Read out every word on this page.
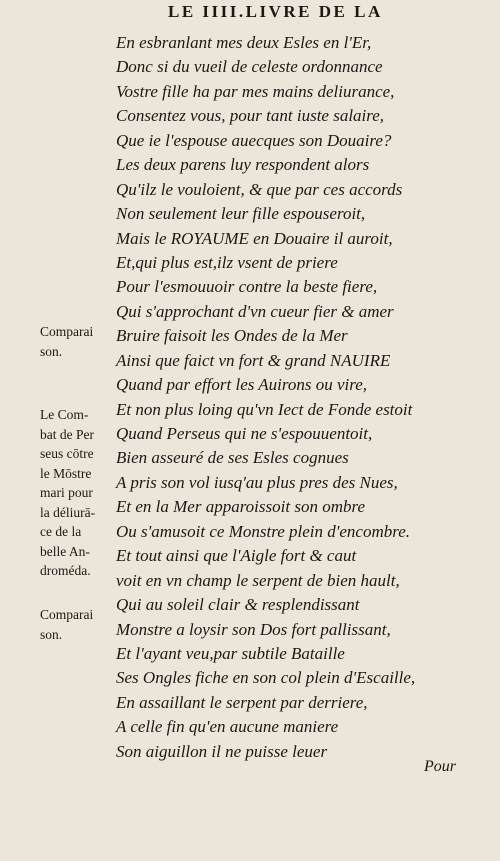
LE IIII.LIVRE DE LA
En esbranlant mes deux Esles en l'Er,
Donc si du vueil de celeste ordonnance
Vostre fille ha par mes mains deliurance,
Consentez vous, pour tant iuste salaire,
Que ie l'espouse auecques son Douaire?
Les deux parens luy respondent alors
Qu'ilz le vouloient, & que par ces accords
Non seulement leur fille espouseroit,
Mais le ROYAUME en Douaire il auroit,
Et,qui plus est,ilz vsent de priere
Pour l'esmouuoir contre la beste fiere,
Qui s'approchant d'vn cueur fier & amer
Bruire faisoit les Ondes de la Mer
Ainsi que faict vn fort & grand NAUIRE
Quand par effort les Auirons ou vire,
Et non plus loing qu'vn Iect de Fonde estoit
Quand Perseus qui ne s'espouuentoit,
Bien asseuré de ses Esles cognues
A pris son vol iusq'au plus pres des Nues,
Et en la Mer apparoissoit son ombre
Ou s'amusoit ce Monstre plein d'encombre.
Et tout ainsi que l'Aigle fort & caut
voit en vn champ le serpent de bien hault,
Qui au soleil clair & resplendissant
Monstre a loysir son Dos fort pallissant,
Et l'ayant veu,par subtile Bataille
Ses Ongles fiche en son col plein d'Escaille,
En assaillant le serpent par derriere,
A celle fin qu'en aucune maniere
Son aiguillon il ne puisse leuer
Comparai
son.
Le Com-
bat de Per
seus cōtre
le Mōstre
mari pour
la déliurā-
ce de la
belle An-
droméda.
Comparai
son.
Pour
